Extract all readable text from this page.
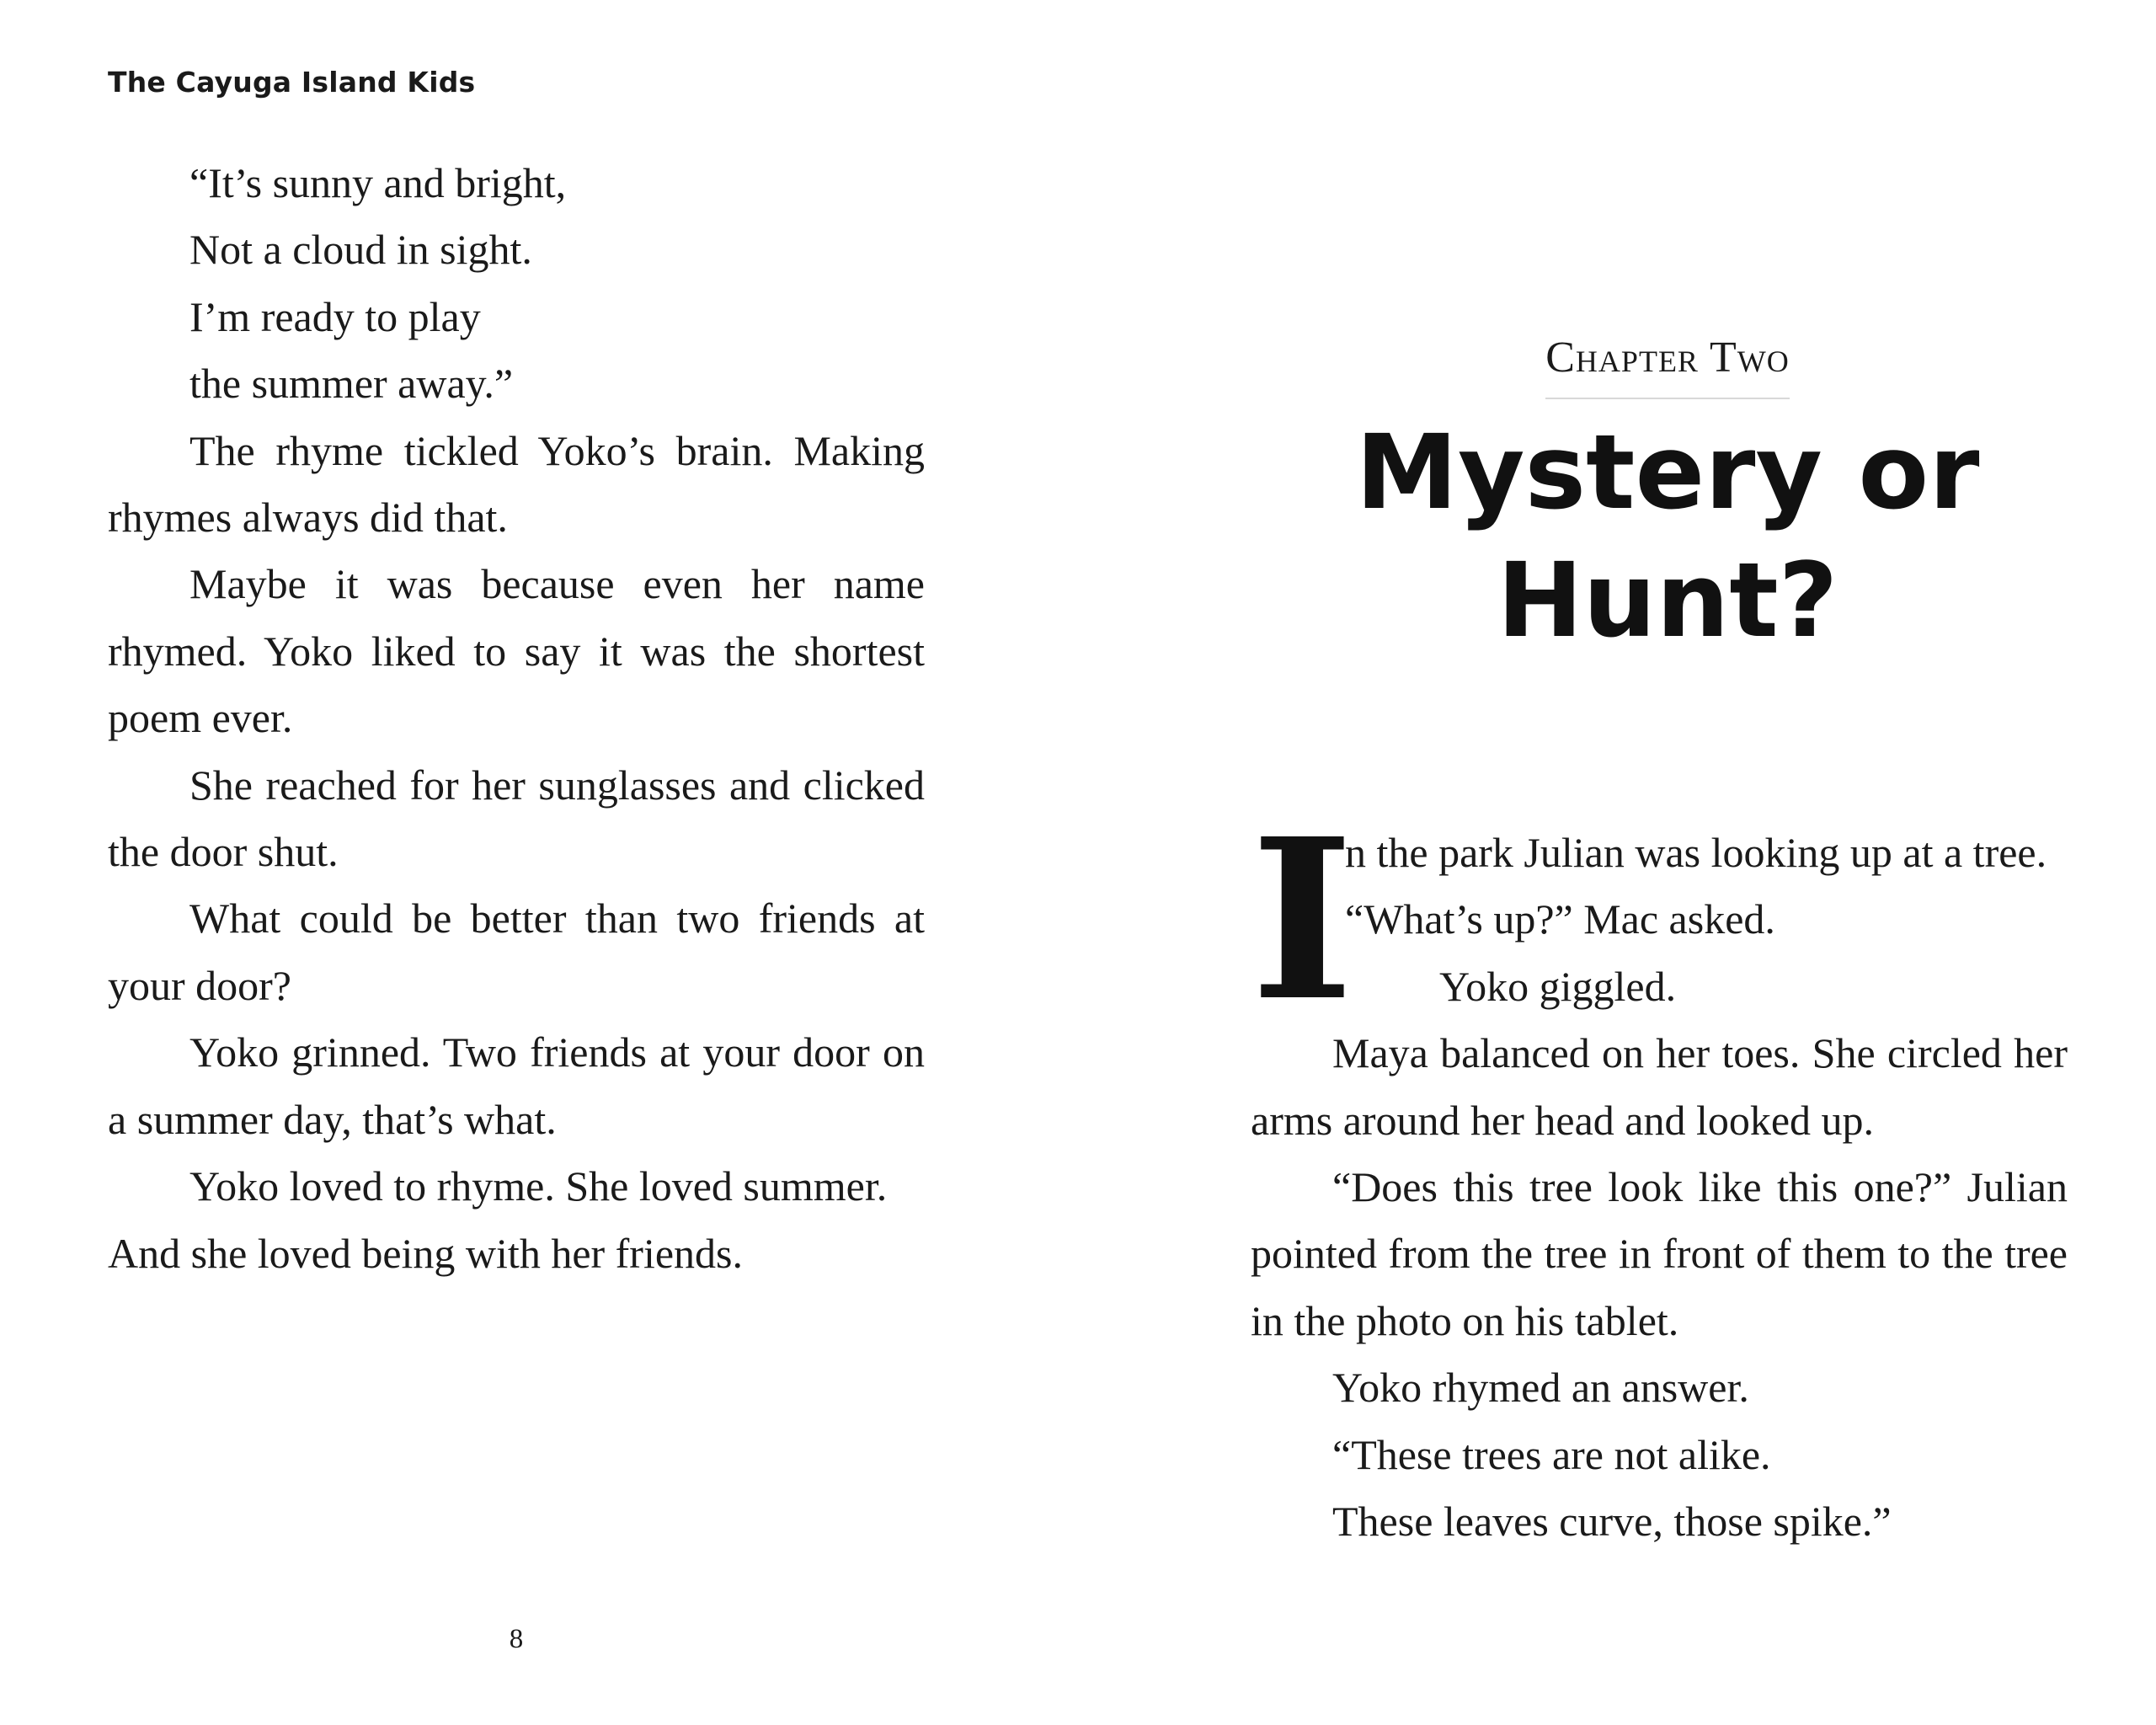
The Cayuga Island Kids

“It’s sunny and bright,

Not a cloud in sight.

I’m ready to play

the summer away.”

The rhyme tickled Yoko’s brain. Making rhymes always did that.

Maybe it was because even her name rhymed. Yoko liked to say it was the shortest poem ever.

She reached for her sunglasses and clicked the door shut.

What could be better than two friends at your door?

Yoko grinned. Two friends at your door on a summer day, that’s what.

Yoko loved to rhyme. She loved summer. And she loved being with her friends.

8
Chapter Two
Mystery or
Hunt?
I

n the park Julian was looking up at a tree.

“What’s up?” Mac asked.

Yoko giggled.

Maya balanced on her toes. She circled her arms around her head and looked up.

“Does this tree look like this one?” Julian pointed from the tree in front of them to the tree in the photo on his tablet.

Yoko rhymed an answer.

“These trees are not alike.

These leaves curve, those spike.”
